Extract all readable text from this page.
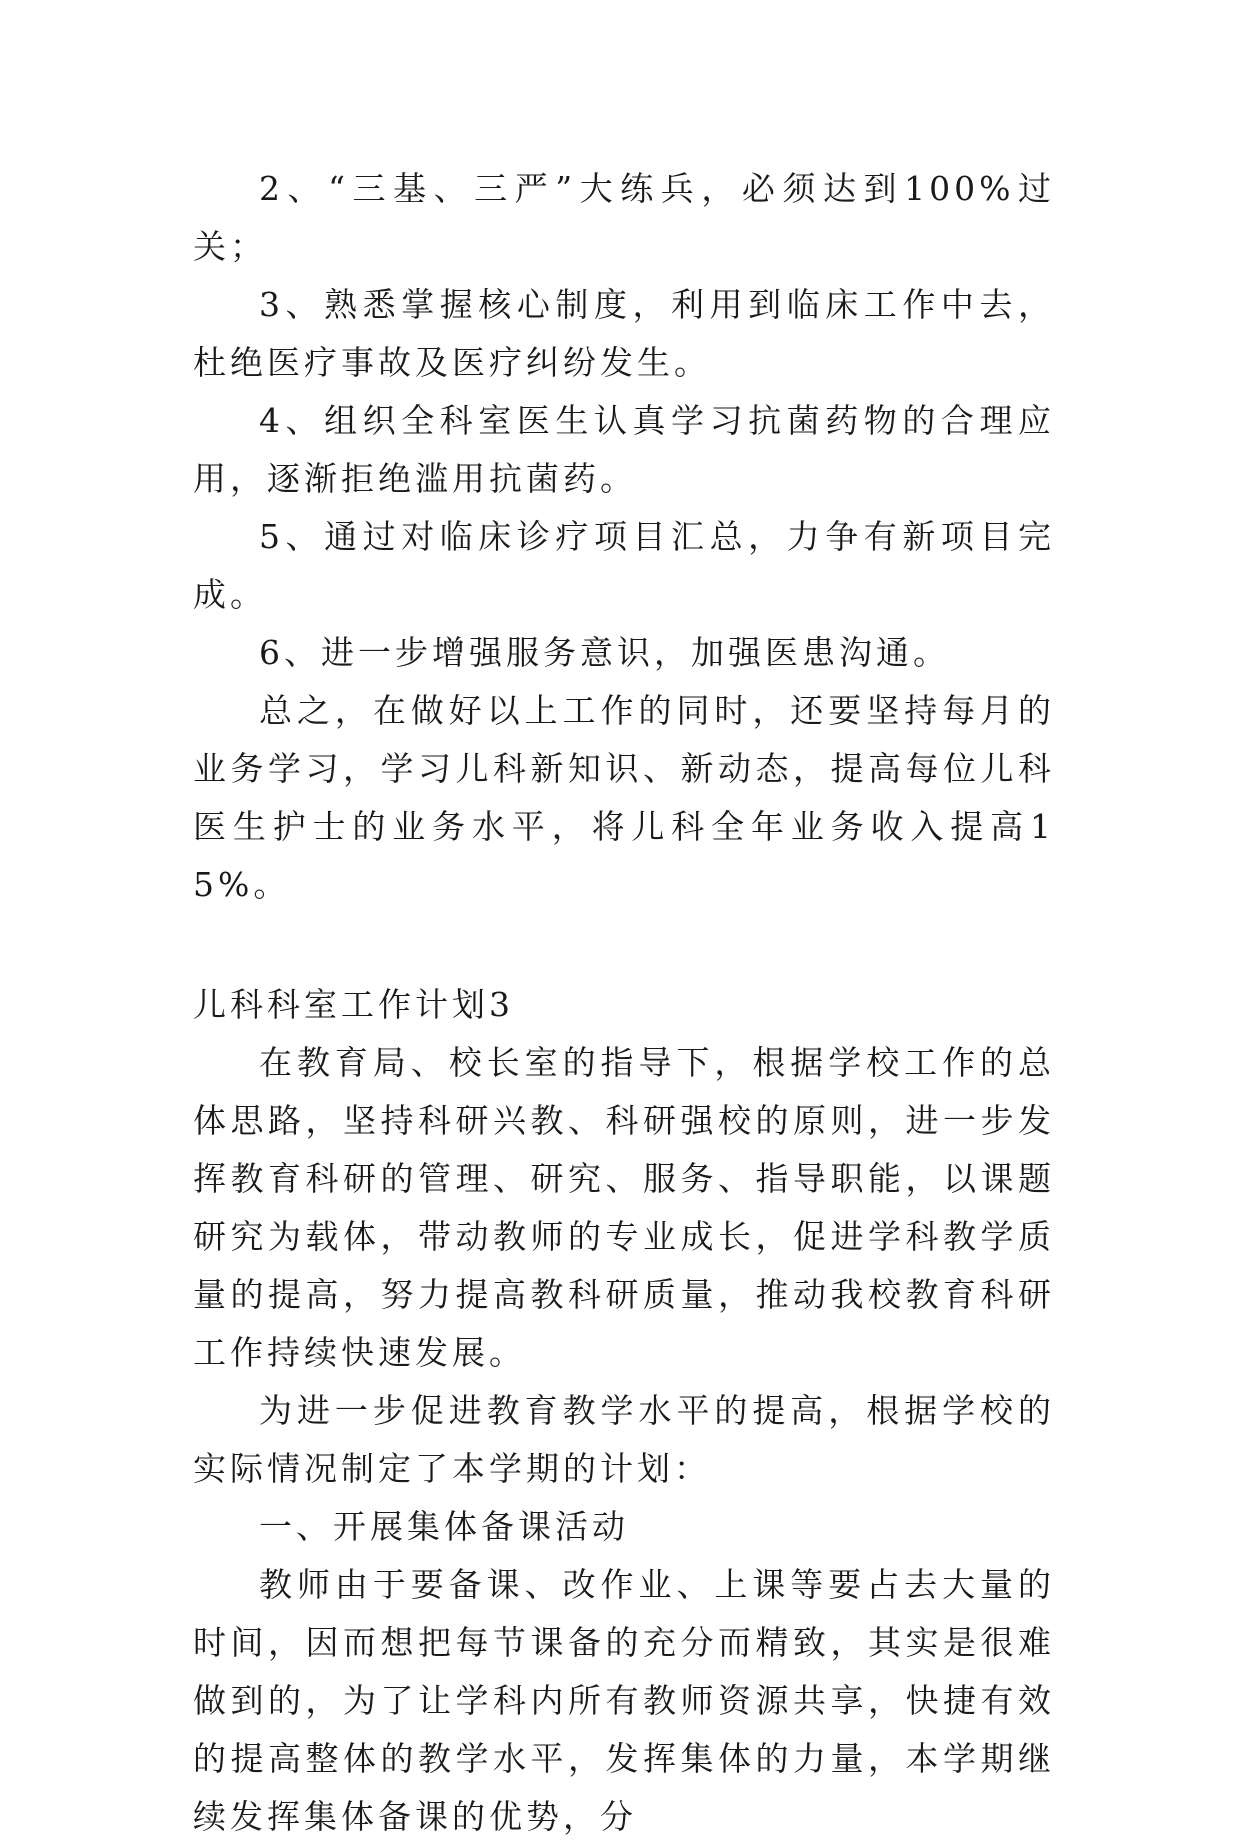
2、“三基、三严”大练兵，必须达到100%过关；

3、熟悉掌握核心制度，利用到临床工作中去，杜绝医疗事故及医疗纠纷发生。

4、组织全科室医生认真学习抗菌药物的合理应用，逐渐拒绝滥用抗菌药。

5、通过对临床诊疗项目汇总，力争有新项目完成。

6、进一步增强服务意识，加强医患沟通。

总之，在做好以上工作的同时，还要坚持每月的业务学习，学习儿科新知识、新动态，提高每位儿科医生护士的业务水平，将儿科全年业务收入提高15%。

儿科科室工作计划3

在教育局、校长室的指导下，根据学校工作的总体思路，坚持科研兴教、科研强校的原则，进一步发挥教育科研的管理、研究、服务、指导职能，以课题研究为载体，带动教师的专业成长，促进学科教学质量的提高，努力提高教科研质量，推动我校教育科研工作持续快速发展。

为进一步促进教育教学水平的提高，根据学校的实际情况制定了本学期的计划：

一、开展集体备课活动

教师由于要备课、改作业、上课等要占去大量的时间，因而想把每节课备的充分而精致，其实是很难做到的，为了让学科内所有教师资源共享，快捷有效的提高整体的教学水平，发挥集体的力量，本学期继续发挥集体备课的优势，分
